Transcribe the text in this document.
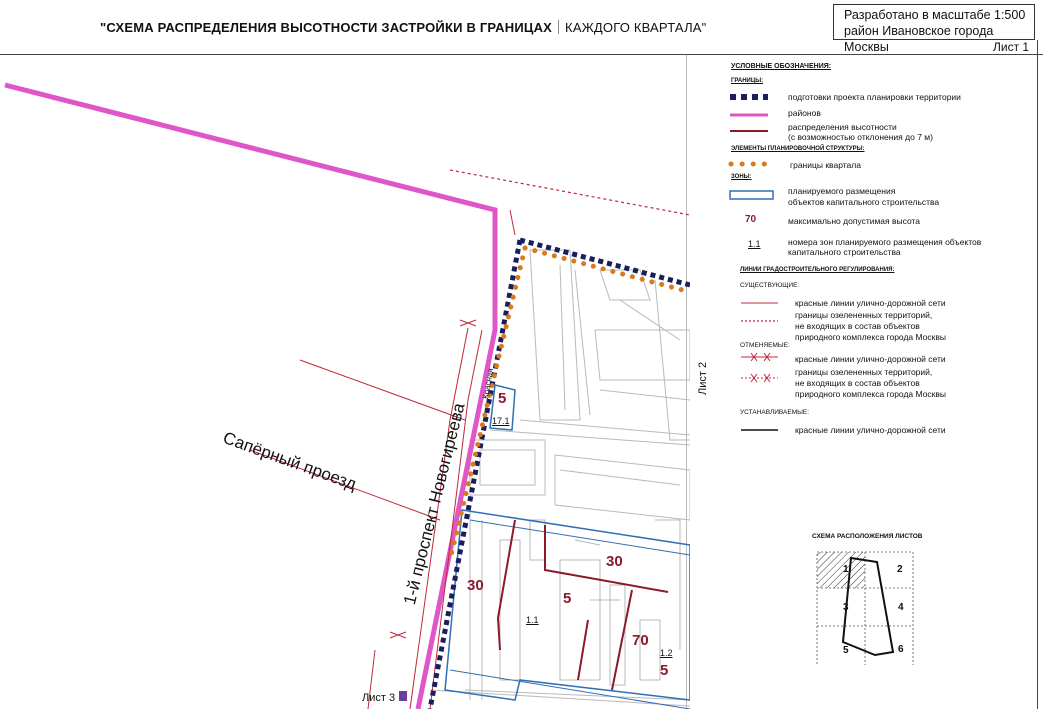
"СХЕМА РАСПРЕДЕЛЕНИЯ ВЫСОТНОСТИ ЗАСТРОЙКИ В ГРАНИЦАХ КАЖДОГО КВАРТАЛА"
Разработано в масштабе 1:500
район Ивановское города Москвы	Лист 1
Сапёрный проезд 1-й проспект Новогиреева
Красная	Лист 2
Лист 3
5
30
30
5
70
5
17.1
1.1
1.2
УСЛОВНЫЕ ОБОЗНАЧЕНИЯ:
ГРАНИЦЫ:
подготовки проекта планировки территории
районов
распределения высотности
(с возможностью отклонения до 7 м)
ЭЛЕМЕНТЫ ПЛАНИРОВОЧНОЙ СТРУКТУРЫ:
границы квартала
ЗОНЫ:
планируемого размещения
объектов капитального строительства
70	максимально допустимая высота
1.1	номера зон планируемого размещения объектов
капитального строительства
ЛИНИИ ГРАДОСТРОИТЕЛЬНОГО РЕГУЛИРОВАНИЯ:
СУЩЕСТВУЮЩИЕ:
красные линии улично-дорожной сети
границы озелененных территорий,
не входящих в состав объектов
природного комплекса города Москвы
ОТМЕНЯЕМЫЕ:
красные линии улично-дорожной сети
границы озелененных территорий,
не входящих в состав объектов
природного комплекса города Москвы
УСТАНАВЛИВАЕМЫЕ:
красные линии улично-дорожной сети
СХЕМА РАСПОЛОЖЕНИЯ ЛИСТОВ
1	2
3	4
5	6
